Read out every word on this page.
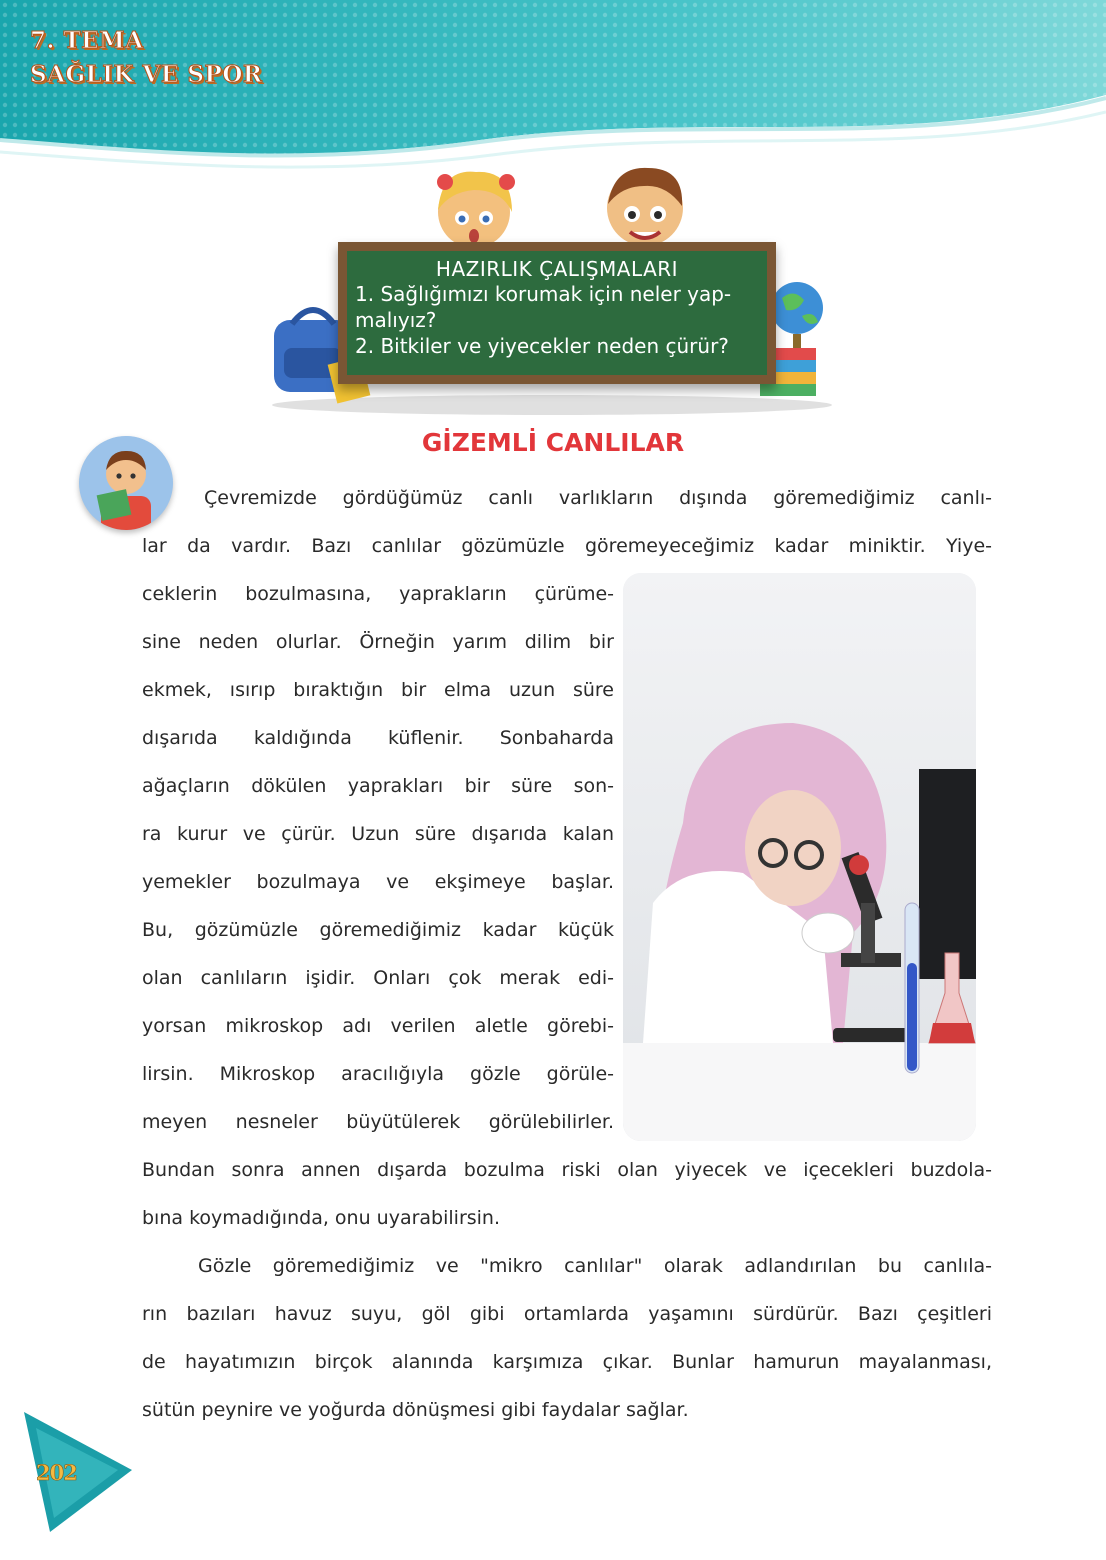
7. TEMA
SAĞLIK VE SPOR
HAZIRLIK ÇALIŞMALARI
1. Sağlığımızı korumak için neler yap-
malıyız?
2. Bitkiler ve yiyecekler neden çürür?
GİZEMLİ CANLILAR
Çevremizde gördüğümüz canlı varlıkların dışında göremediğimiz canlı-
lar da vardır. Bazı canlılar gözümüzle göremeyeceğimiz kadar miniktir. Yiye-
ceklerin bozulmasına, yaprakların çürüme-
sine neden olurlar. Örneğin yarım dilim bir
ekmek, ısırıp bıraktığın bir elma uzun süre
dışarıda kaldığında küflenir. Sonbaharda
ağaçların dökülen yaprakları bir süre son-
ra kurur ve çürür. Uzun süre dışarıda kalan
yemekler bozulmaya ve ekşimeye başlar.
Bu, gözümüzle göremediğimiz kadar küçük
olan canlıların işidir. Onları çok merak edi-
yorsan mikroskop adı verilen aletle görebi-
lirsin. Mikroskop aracılığıyla gözle görüle-
meyen nesneler büyütülerek görülebilirler.
Bundan sonra annen dışarda bozulma riski olan yiyecek ve içecekleri buzdola-
bına koymadığında, onu uyarabilirsin.
Gözle göremediğimiz ve "mikro canlılar" olarak adlandırılan bu canlıla-
rın bazıları havuz suyu, göl gibi ortamlarda yaşamını sürdürür. Bazı çeşitleri
de hayatımızın birçok alanında karşımıza çıkar. Bunlar hamurun mayalanması,
sütün peynire ve yoğurda dönüşmesi gibi faydalar sağlar.
202
